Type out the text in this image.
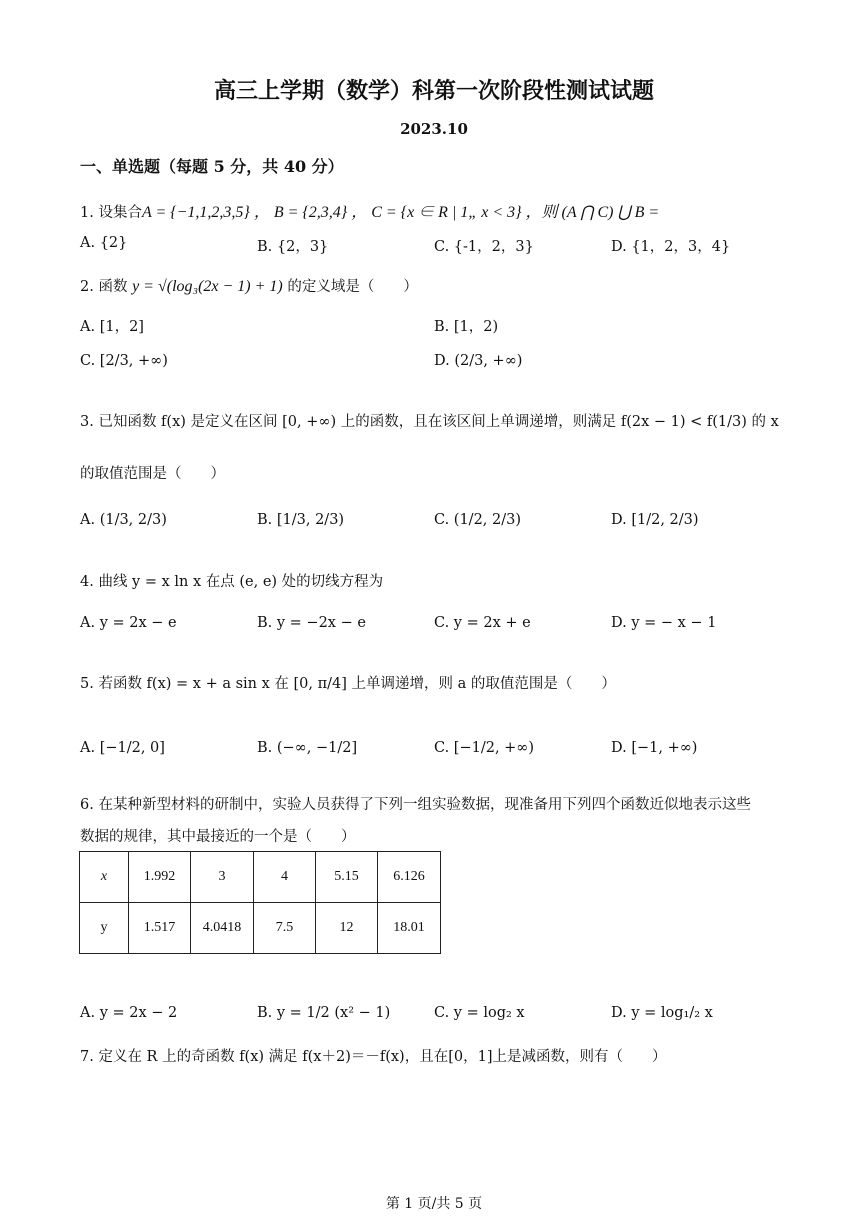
高三上学期（数学）科第一次阶段性测试试题
2023.10
一、单选题（每题 5 分，共 40 分）
1. 设集合A = {−1,1,2,3,5} ， B = {2,3,4} ， C = {x ∈ R | 1„ x < 3} ，则 (A ⋂ C) ⋃ B =
A. {2}	B. {2，3}	C. {-1，2，3}	D. {1，2，3，4}
2. 函数 y = √(log₃(2x − 1) + 1) 的定义域是（　　）
A. [1，2]	B. [1，2)
C. [2/3, +∞)	D. (2/3, +∞)
3. 已知函数 f(x) 是定义在区间 [0, +∞) 上的函数，且在该区间上单调递增，则满足 f(2x − 1) < f(1/3) 的 x
的取值范围是（　　）
A. (1/3, 2/3)	B. [1/3, 2/3)	C. (1/2, 2/3)	D. [1/2, 2/3)
4. 曲线 y = x ln x 在点 (e, e) 处的切线方程为
A. y = 2x − e	B. y = −2x − e	C. y = 2x + e	D. y = − x − 1
5. 若函数 f(x) = x + a sin x 在 [0, π/4] 上单调递增，则 a 的取值范围是（　　）
A. [−1/2, 0]	B. (−∞, −1/2]	C. [−1/2, +∞)	D. [−1, +∞)
6. 在某种新型材料的研制中，实验人员获得了下列一组实验数据，现准备用下列四个函数近似地表示这些
数据的规律，其中最接近的一个是（　　）
x	1.992	3	4	5.15	6.126
y	1.517	4.0418	7.5	12	18.01
A. y = 2x − 2	B. y = 1/2 (x² − 1)	C. y = log₂ x	D. y = log₁/₂ x
7. 定义在 R 上的奇函数 f(x) 满足 f(x＋2)＝－f(x)，且在[0，1]上是减函数，则有（　　）
第 1 页/共 5 页
